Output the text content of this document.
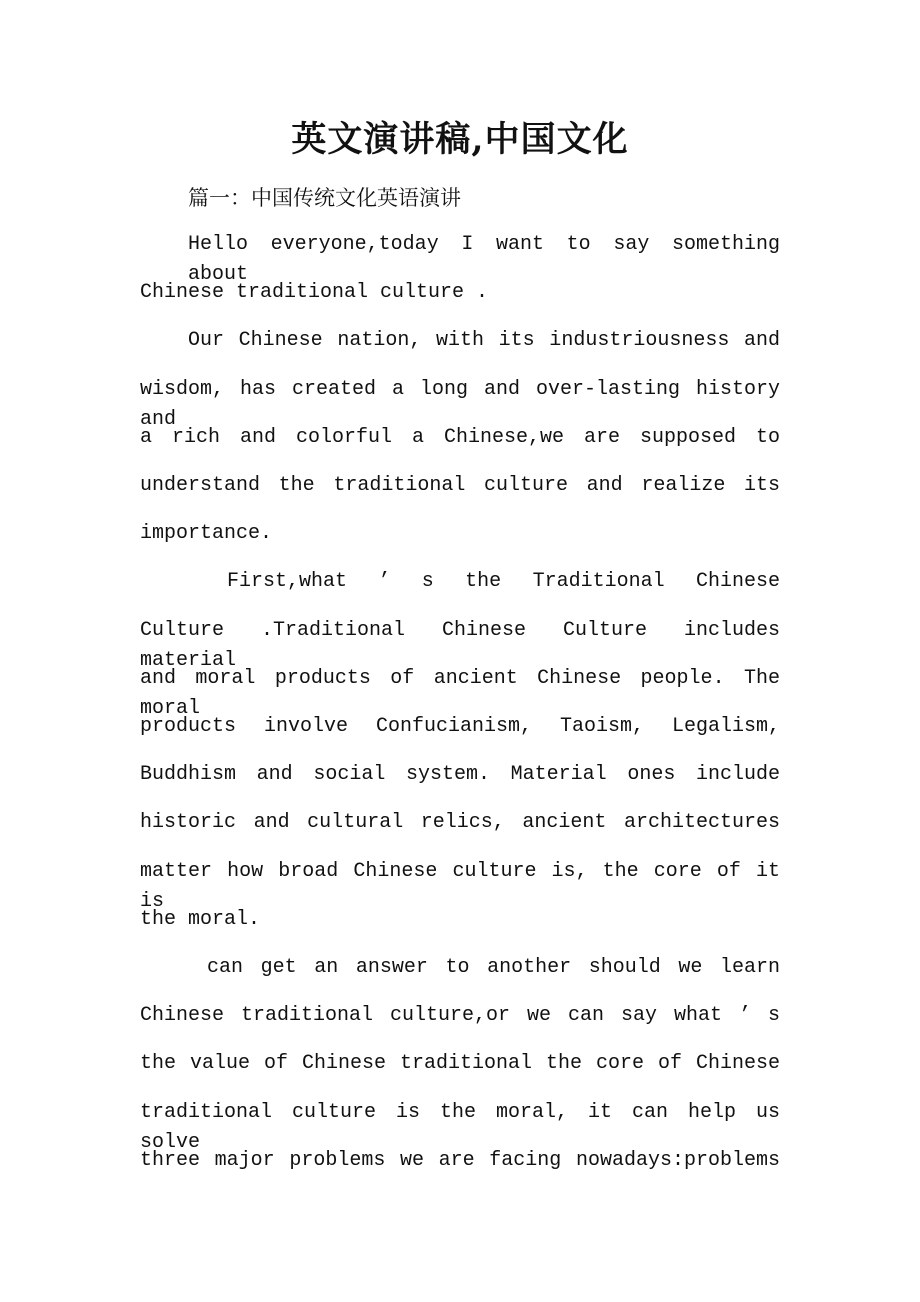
英文演讲稿,中国文化
篇一：中国传统文化英语演讲
Hello everyone,today I want to say something about
Chinese traditional culture .
Our Chinese nation, with its industriousness and
wisdom, has created a long and over-lasting history and
a rich and colorful a Chinese,we are supposed to
understand the traditional culture and realize its
importance.
First,what ’ s the Traditional Chinese
Culture .Traditional Chinese Culture includes material
and moral products of ancient Chinese people. The moral
products involve Confucianism, Taoism, Legalism,
Buddhism and social system. Material ones include
historic and cultural relics, ancient architectures
matter how broad Chinese culture is, the core of it is
the moral.
can get an answer to another should we learn
Chinese traditional culture,or we can say what ’ s
the value of Chinese traditional the core of Chinese
traditional culture is the moral, it can help us solve
three major problems we are facing nowadays:problems
